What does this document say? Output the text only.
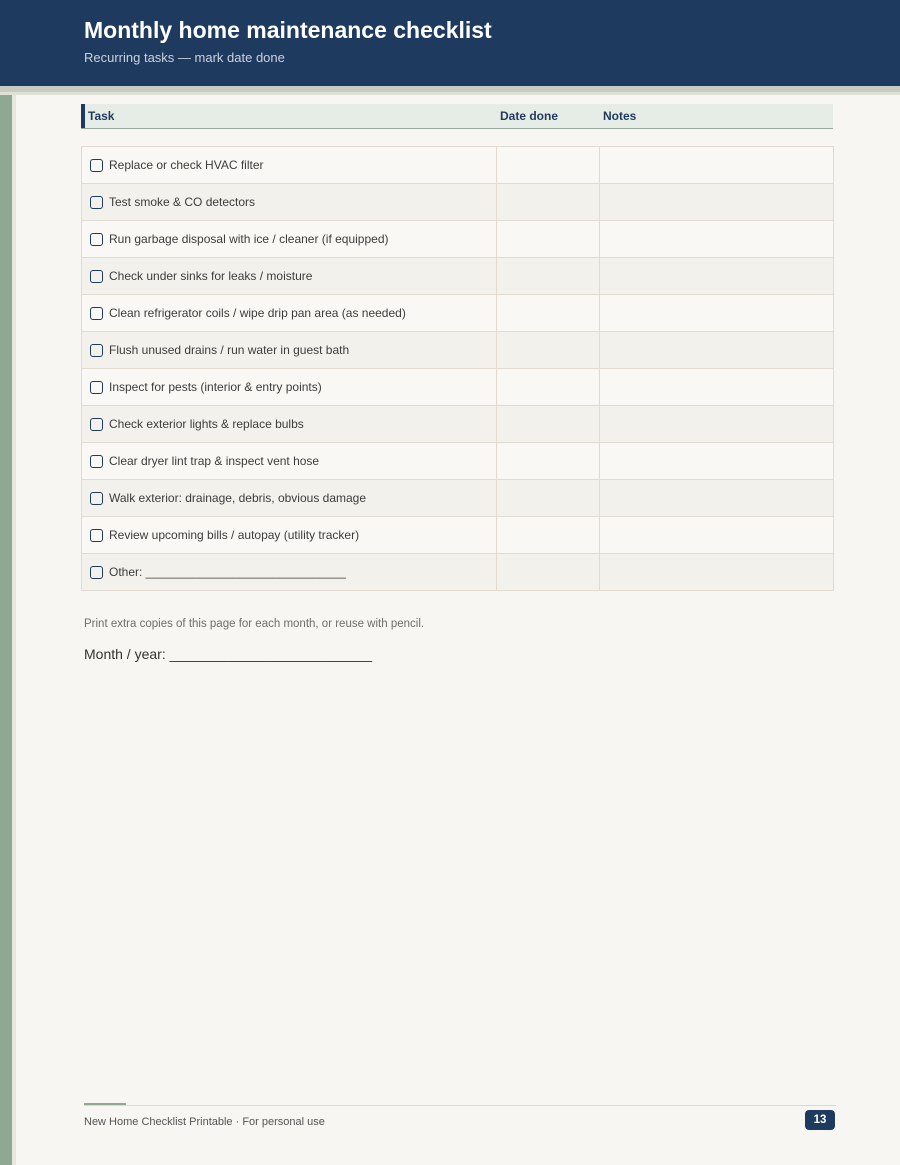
Monthly home maintenance checklist
Recurring tasks — mark date done
Task	Date done	Notes
Replace or check HVAC filter		

Test smoke & CO detectors		

Run garbage disposal with ice / cleaner (if equipped)		

Check under sinks for leaks / moisture		

Clean refrigerator coils / wipe drip pan area (as needed)		

Flush unused drains / run water in guest bath		

Inspect for pests (interior & entry points)		

Check exterior lights & replace bulbs		

Clear dryer lint trap & inspect vent hose		

Walk exterior: drainage, debris, obvious damage		

Review upcoming bills / autopay (utility tracker)		

Other: ______________________________		

Print extra copies of this page for each month, or reuse with pencil.
Month / year: __________________________
New Home Checklist Printable · For personal use	13
